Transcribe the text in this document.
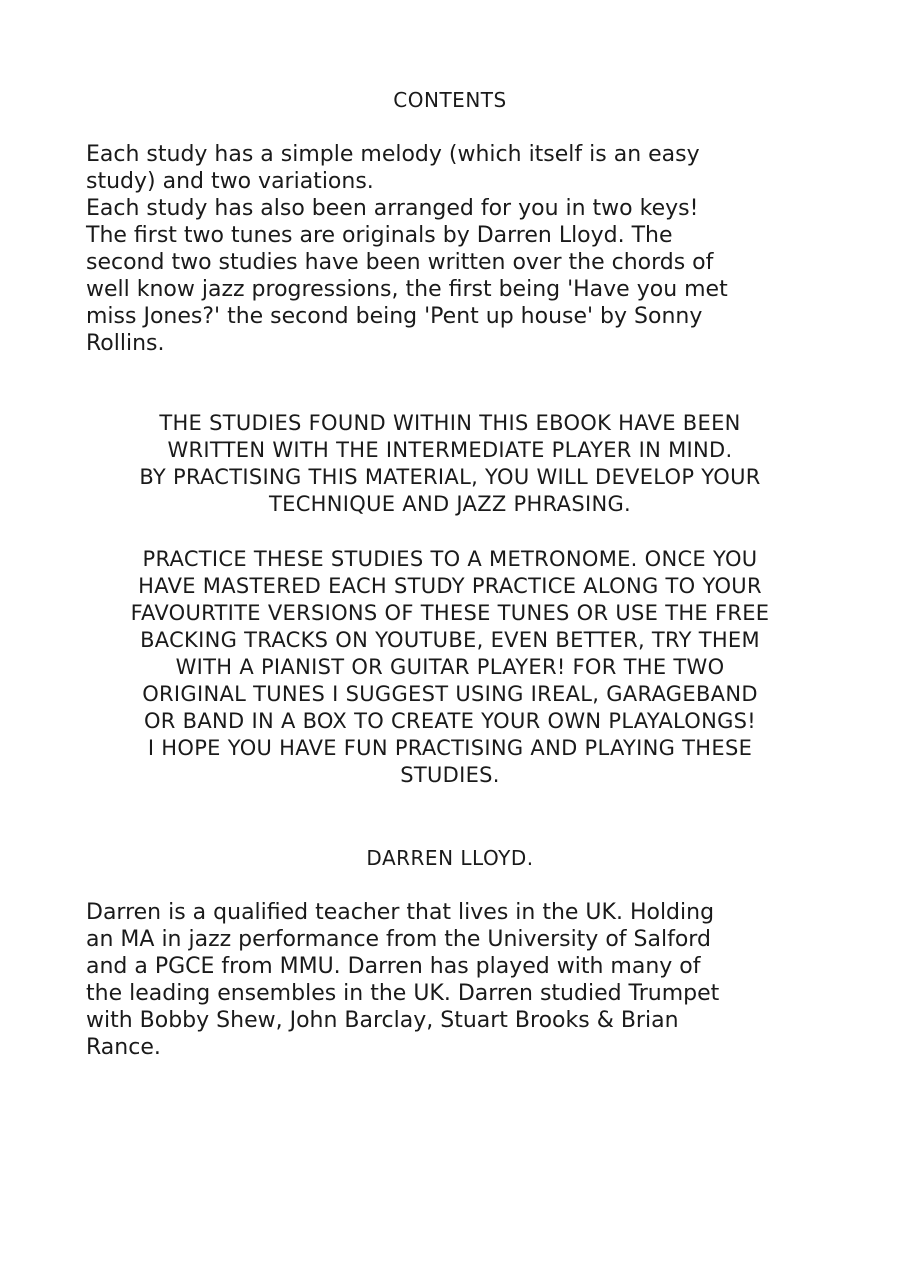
CONTENTS
Each study has a simple melody (which itself is an easy
study) and two variations.
Each study has also been arranged for you in two keys!
The first two tunes are originals by Darren Lloyd. The
second two studies have been written over the chords of
well know jazz progressions, the first being 'Have you met
miss Jones?' the second being 'Pent up house' by Sonny
Rollins.
THE STUDIES FOUND WITHIN THIS EBOOK HAVE BEEN
WRITTEN WITH THE INTERMEDIATE PLAYER IN MIND.
BY PRACTISING THIS MATERIAL, YOU WILL DEVELOP YOUR
TECHNIQUE AND JAZZ PHRASING.
PRACTICE THESE STUDIES TO A METRONOME. ONCE YOU
HAVE MASTERED EACH STUDY PRACTICE ALONG TO YOUR
FAVOURTITE VERSIONS OF THESE TUNES OR USE THE FREE
BACKING TRACKS ON YOUTUBE, EVEN BETTER, TRY THEM
WITH A PIANIST OR GUITAR PLAYER! FOR THE TWO
ORIGINAL TUNES I SUGGEST USING IREAL, GARAGEBAND
OR BAND IN A BOX TO CREATE YOUR OWN PLAYALONGS!
I HOPE YOU HAVE FUN PRACTISING AND PLAYING THESE
STUDIES.
DARREN LLOYD.
Darren is a qualified teacher that lives in the UK. Holding
an MA in jazz performance from the University of Salford
and a PGCE from MMU. Darren has played with many of
the leading ensembles in the UK. Darren studied Trumpet
with Bobby Shew, John Barclay, Stuart Brooks & Brian
Rance.
